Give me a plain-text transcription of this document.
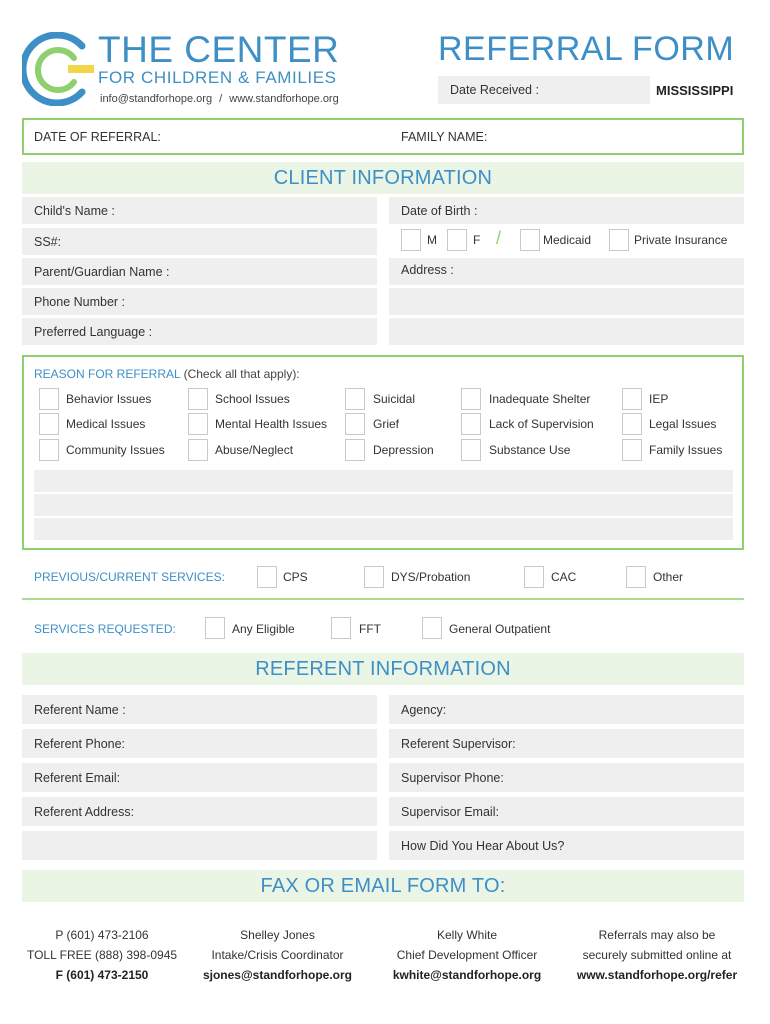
THE CENTER
FOR CHILDREN & FAMILIES
info@standforhope.org / www.standforhope.org
REFERRAL FORM
Date Received :	MISSISSIPPI
DATE OF REFERRAL:	FAMILY NAME:
CLIENT INFORMATION
Child's Name :	Date of Birth :
SS#:	M	F /	Medicaid	Private Insurance
Parent/Guardian Name :	Address :
Phone Number :
Preferred Language :
REASON FOR REFERRAL (Check all that apply):
Behavior Issues	School Issues	Suicidal	Inadequate Shelter	IEP
Medical Issues	Mental Health Issues	Grief	Lack of Supervision	Legal Issues
Community Issues	Abuse/Neglect	Depression	Substance Use	Family Issues
PREVIOUS/CURRENT SERVICES:	CPS	DYS/Probation	CAC	Other
SERVICES REQUESTED:	Any Eligible	FFT	General Outpatient
REFERENT INFORMATION
Referent Name :	Agency:
Referent Phone:	Referent Supervisor:
Referent Email:	Supervisor Phone:
Referent Address:	Supervisor Email:
How Did You Hear About Us?
FAX OR EMAIL FORM TO:
P (601) 473-2106
TOLL FREE (888) 398-0945
F (601) 473-2150
Shelley Jones
Intake/Crisis Coordinator
sjones@standforhope.org
Kelly White
Chief Development Officer
kwhite@standforhope.org
Referrals may also be
securely submitted online at
www.standforhope.org/refer
